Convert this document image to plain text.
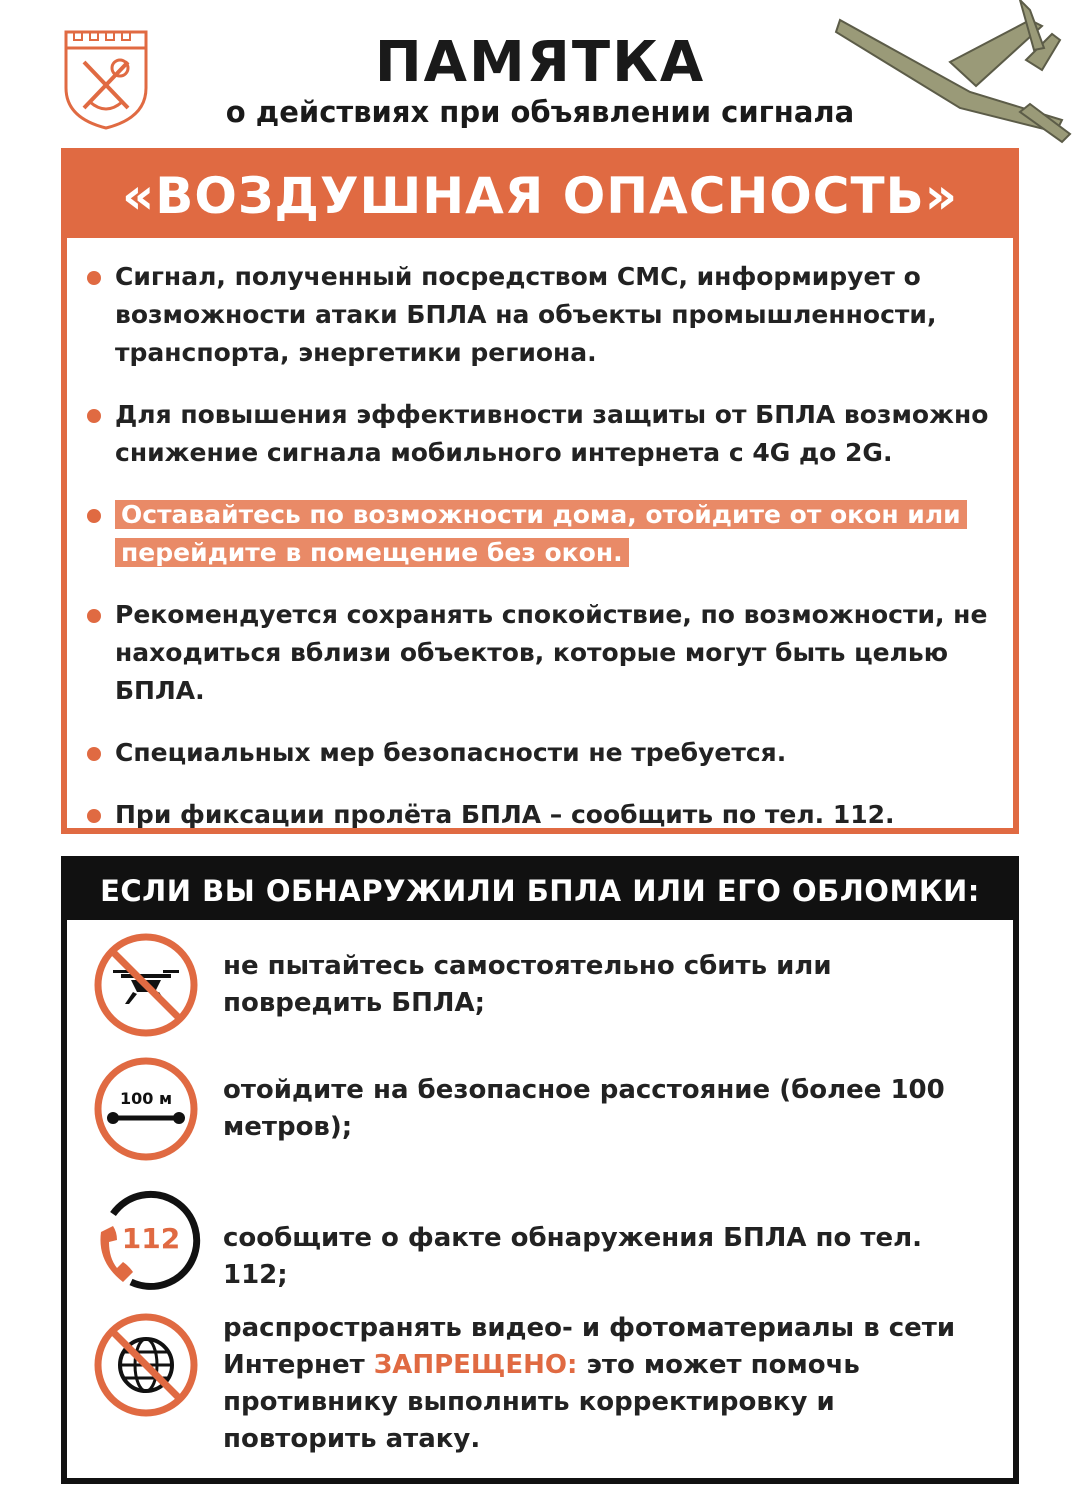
ПАМЯТКА
о действиях при объявлении сигнала
«ВОЗДУШНАЯ ОПАСНОСТЬ»
Сигнал, полученный посредством СМС, информирует о возможности атаки БПЛА на объекты промышленности, транспорта, энергетики региона.
Для повышения эффективности защиты от БПЛА возможно снижение сигнала мобильного интернета с 4G до 2G.
Оставайтесь по возможности дома, отойдите от окон или перейдите в помещение без окон.
Рекомендуется сохранять спокойствие, по возможности, не находиться вблизи объектов, которые могут быть целью БПЛА.
Специальных мер безопасности не требуется.
При фиксации пролёта БПЛА – сообщить по тел. 112.
ЕСЛИ ВЫ ОБНАРУЖИЛИ БПЛА ИЛИ ЕГО ОБЛОМКИ:
не пытайтесь самостоятельно сбить или повредить БПЛА;
100 м отойдите на безопасное расстояние (более 100 метров);
112 сообщите о факте обнаружения БПЛА по тел. 112;
распространять видео- и фотоматериалы в сети Интернет ЗАПРЕЩЕНО: это может помочь противнику выполнить корректировку и повторить атаку.
